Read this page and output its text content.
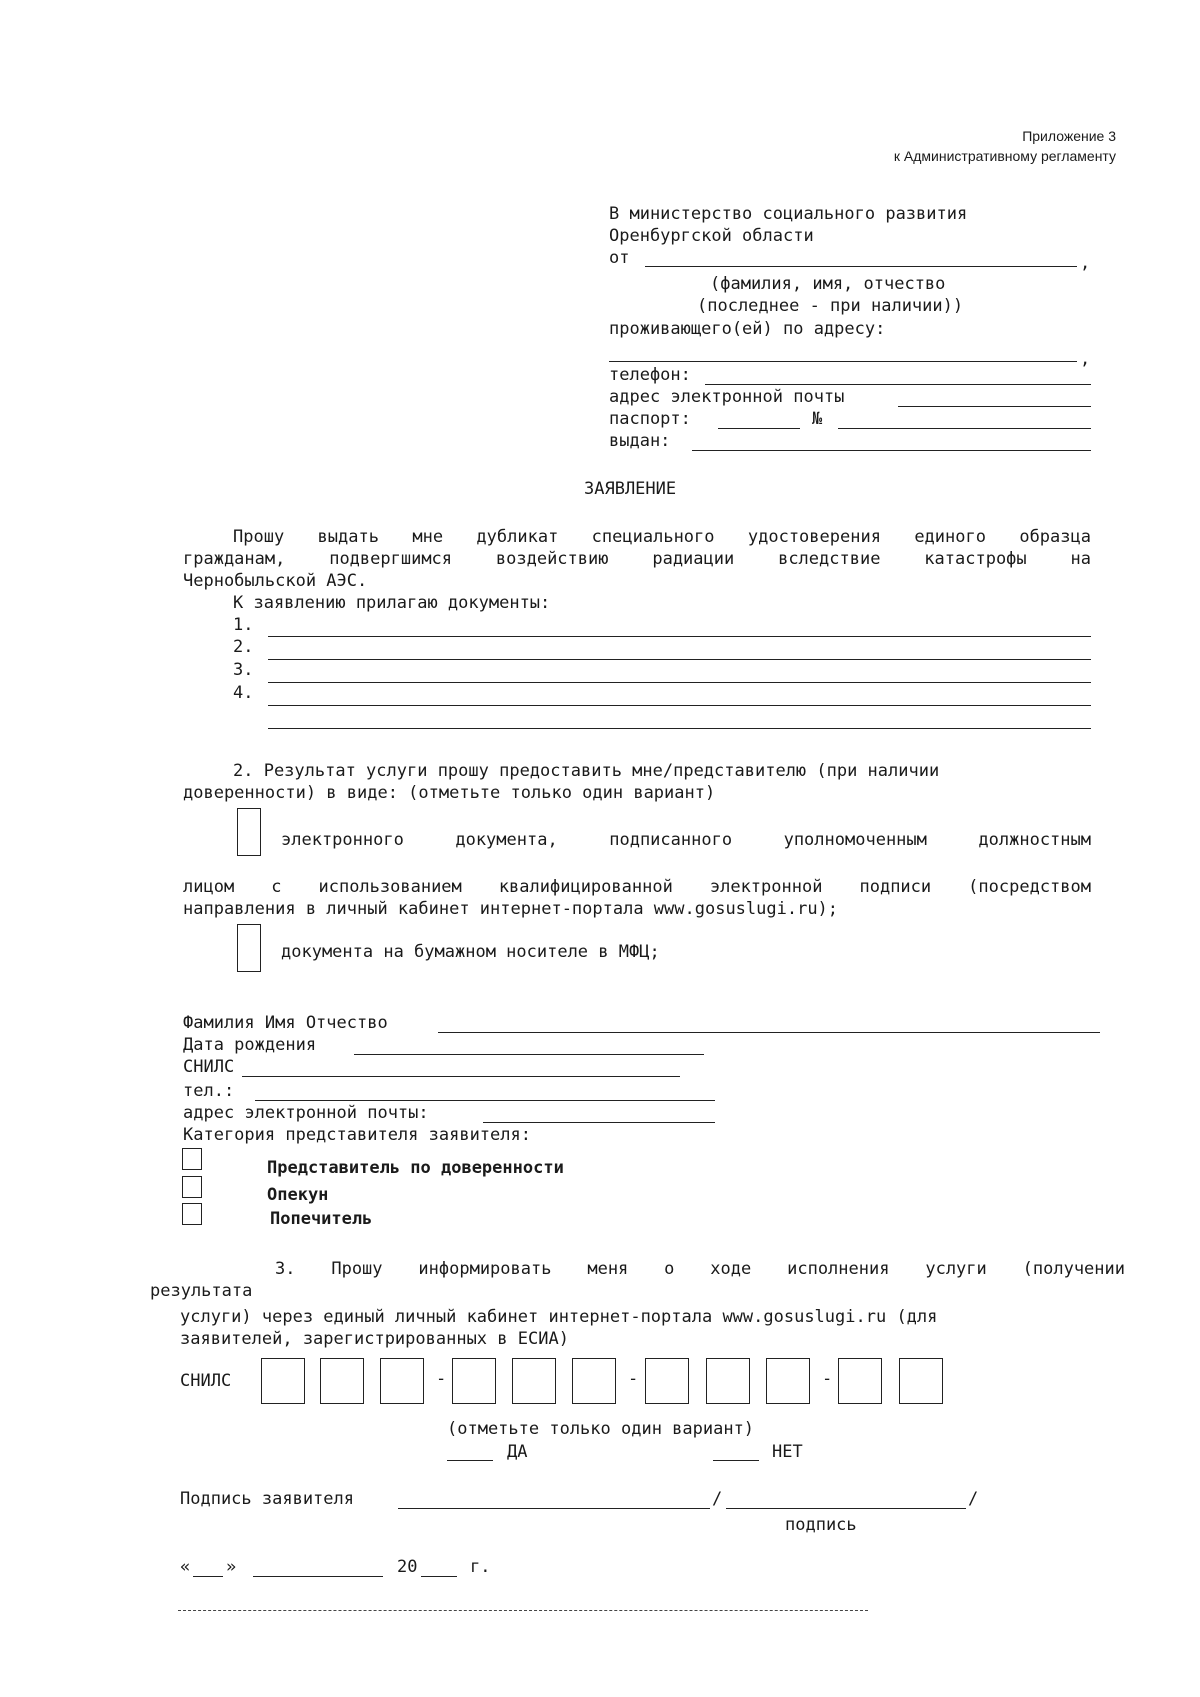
Приложение 3
к Административному регламенту
В министерство социального развития
Оренбургской области
от	,
(фамилия, имя, отчество
(последнее - при наличии))
проживающего(ей) по адресу:
,
телефон:
адрес электронной почты
паспорт:	№
выдан:
ЗАЯВЛЕНИЕ
Прошу выдать мне дубликат специального удостоверения единого образца
гражданам, подвергшимся воздействию радиации вследствие катастрофы на
Чернобыльской АЭС.
К заявлению прилагаю документы:
1.
2.
3.
4.
2. Результат услуги прошу предоставить мне/представителю (при наличии
доверенности) в виде: (отметьте только один вариант)
электронного документа, подписанного уполномоченным должностным
лицом с использованием квалифицированной электронной подписи (посредством
направления в личный кабинет интернет-портала www.gosuslugi.ru);
документа на бумажном носителе в МФЦ;
Фамилия Имя Отчество
Дата рождения
СНИЛС
тел.:
адрес электронной почты:
Категория представителя заявителя:
Представитель по доверенности
Опекун
Попечитель
3. Прошу информировать меня о ходе исполнения услуги (получении
результата
услуги) через единый личный кабинет интернет-портала www.gosuslugi.ru (для
заявителей, зарегистрированных в ЕСИА)
СНИЛС	-	-	-
(отметьте только один вариант)
ДА	НЕТ
Подпись заявителя	/	/
подпись
« »	20	г.
